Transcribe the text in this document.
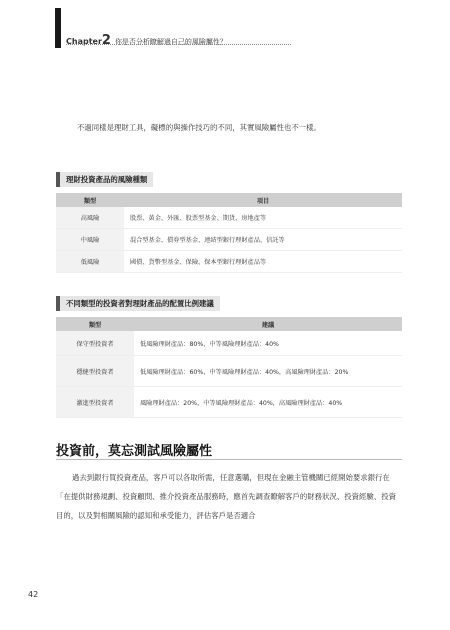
Chapter 2 你是否分析瞭解過自己的風險屬性？
不過同樣是理財工具，礙標的與操作技巧的不同，其實風險屬性也不一樣。
理財投資產品的風險種類
類型	項目
高風險	股票、黃金、外匯、股票型基金、期貨、房地產等
中風險	混合型基金、債券型基金、連結型銀行理財產品、信託等
低風險	國債、貨幣型基金、保險、保本型銀行理財產品等
不同類型的投資者對理財產品的配置比例建議
類型	建議
保守型投資者	低風險理財產品：80%，中等風險理財產品：40%
穩健型投資者	低風險理財產品：60%，中等風險理財產品：40%，高風險理財產品：20%
激進型投資者	風險理財產品：20%，中等風險理財產品：40%，高風險理財產品：40%
投資前，莫忘測試風險屬性
過去到銀行買投資產品，客戶可以各取所需，任意選購，但現在金融主管機關已經開始要求銀行在「在提供財務規劃、投資顧問、推介投資產品服務時，應首先調查瞭解客戶的財務狀況、投資經驗、投資目的，以及對相關風險的認知和承受能力，評估客戶是否適合
42
